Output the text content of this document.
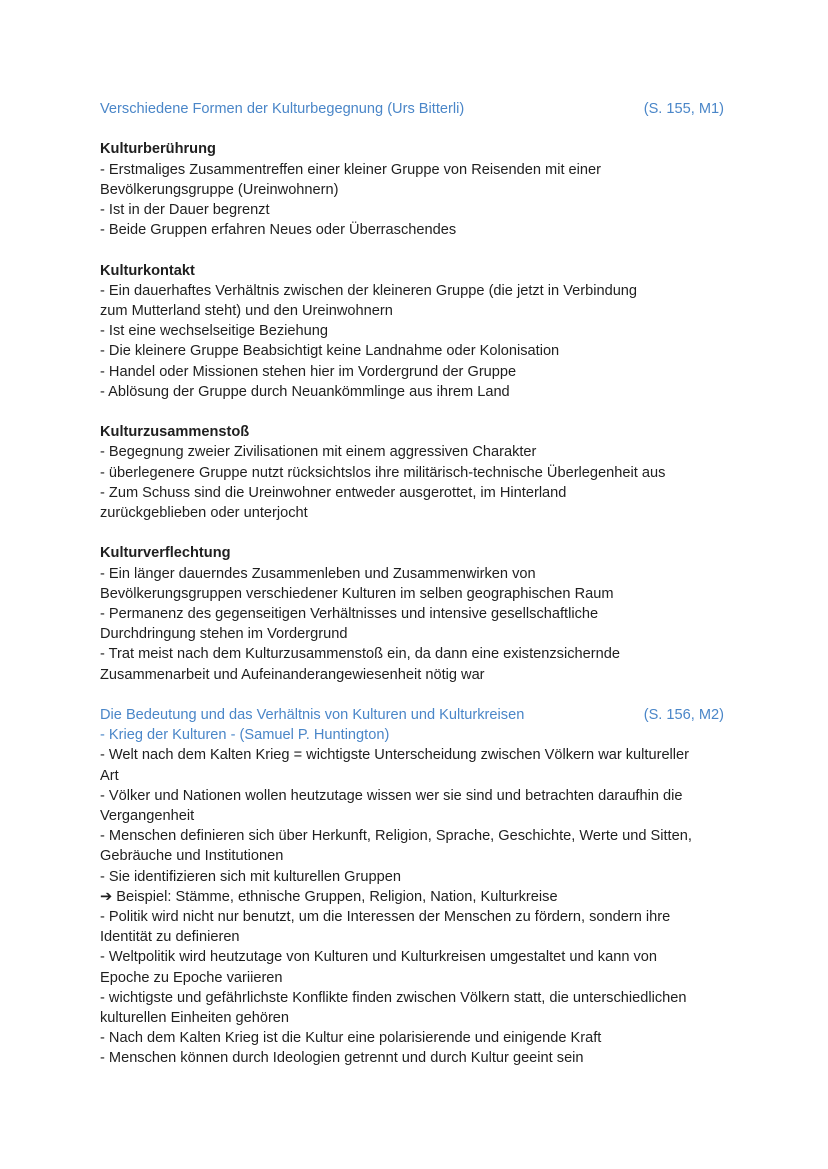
Verschiedene Formen der Kulturbegegnung (Urs Bitterli)	(S. 155, M1)
Kulturberührung
- Erstmaliges Zusammentreffen einer kleiner Gruppe von Reisenden mit einer
Bevölkerungsgruppe (Ureinwohnern)
- Ist in der Dauer begrenzt
- Beide Gruppen erfahren Neues oder Überraschendes
Kulturkontakt
- Ein dauerhaftes Verhältnis zwischen der kleineren Gruppe (die jetzt in Verbindung
zum Mutterland steht) und den Ureinwohnern
- Ist eine wechselseitige Beziehung
- Die kleinere Gruppe Beabsichtigt keine Landnahme oder Kolonisation
- Handel oder Missionen stehen hier im Vordergrund der Gruppe
- Ablösung der Gruppe durch Neuankömmlinge aus ihrem Land
Kulturzusammenstoß
- Begegnung zweier Zivilisationen mit einem aggressiven Charakter
- überlegenere Gruppe nutzt rücksichtslos ihre militärisch-technische Überlegenheit aus
- Zum Schuss sind die Ureinwohner entweder ausgerottet, im Hinterland
zurückgeblieben oder unterjocht
Kulturverflechtung
- Ein länger dauerndes Zusammenleben und Zusammenwirken von
Bevölkerungsgruppen verschiedener Kulturen im selben geographischen Raum
- Permanenz des gegenseitigen Verhältnisses und intensive gesellschaftliche
Durchdringung stehen im Vordergrund
- Trat meist nach dem Kulturzusammenstoß ein, da dann eine existenzsichernde
Zusammenarbeit und Aufeinanderangewiesenheit nötig war
Die Bedeutung und das Verhältnis von Kulturen und Kulturkreisen	(S. 156, M2)
- Krieg der Kulturen - (Samuel P. Huntington)
- Welt nach dem Kalten Krieg = wichtigste Unterscheidung zwischen Völkern war kultureller
Art
- Völker und Nationen wollen heutzutage wissen wer sie sind und betrachten daraufhin die
Vergangenheit
- Menschen definieren sich über Herkunft, Religion, Sprache, Geschichte, Werte und Sitten,
Gebräuche und Institutionen
- Sie identifizieren sich mit kulturellen Gruppen
➔ Beispiel: Stämme, ethnische Gruppen, Religion, Nation, Kulturkreise
- Politik wird nicht nur benutzt, um die Interessen der Menschen zu fördern, sondern ihre
Identität zu definieren
- Weltpolitik wird heutzutage von Kulturen und Kulturkreisen umgestaltet und kann von
Epoche zu Epoche variieren
- wichtigste und gefährlichste Konflikte finden zwischen Völkern statt, die unterschiedlichen
kulturellen Einheiten gehören
- Nach dem Kalten Krieg ist die Kultur eine polarisierende und einigende Kraft
- Menschen können durch Ideologien getrennt und durch Kultur geeint sein
